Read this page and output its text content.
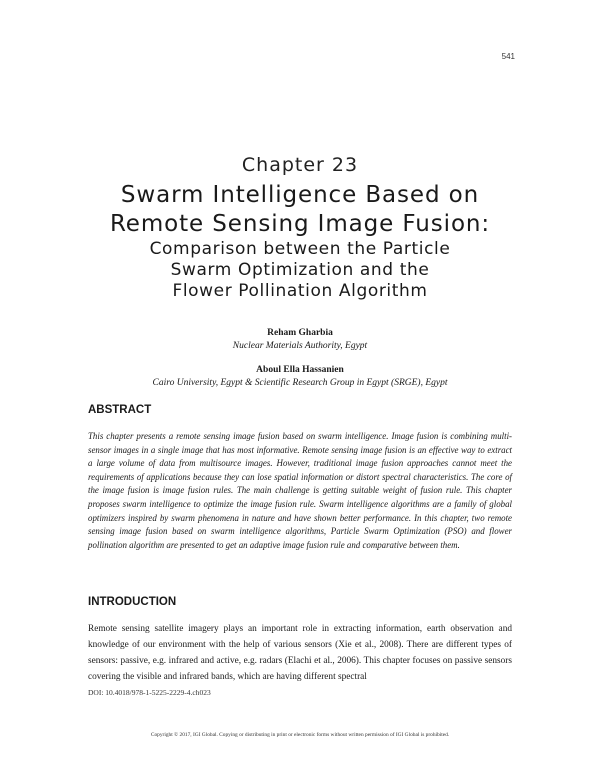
541
Chapter 23
Swarm Intelligence Based on
Remote Sensing Image Fusion:
Comparison between the Particle
Swarm Optimization and the
Flower Pollination Algorithm
Reham Gharbia
Nuclear Materials Authority, Egypt
Aboul Ella Hassanien
Cairo University, Egypt & Scientific Research Group in Egypt (SRGE), Egypt
ABSTRACT

This chapter presents a remote sensing image fusion based on swarm intelligence. Image fusion is combining multi-sensor images in a single image that has most informative. Remote sensing image fusion is an effective way to extract a large volume of data from multisource images. However, traditional image fusion approaches cannot meet the requirements of applications because they can lose spatial information or distort spectral characteristics. The core of the image fusion is image fusion rules. The main challenge is getting suitable weight of fusion rule. This chapter proposes swarm intelligence to optimize the image fusion rule. Swarm intelligence algorithms are a family of global optimizers inspired by swarm phenomena in nature and have shown better performance. In this chapter, two remote sensing image fusion based on swarm intelligence algorithms, Particle Swarm Optimization (PSO) and flower pollination algorithm are presented to get an adaptive image fusion rule and comparative between them.

INTRODUCTION

Remote sensing satellite imagery plays an important role in extracting information, earth observation and knowledge of our environment with the help of various sensors (Xie et al., 2008). There are different types of sensors: passive, e.g. infrared and active, e.g. radars (Elachi et al., 2006). This chapter focuses on passive sensors covering the visible and infrared bands, which are having different spectral

DOI: 10.4018/978-1-5225-2229-4.ch023
Copyright © 2017, IGI Global. Copying or distributing in print or electronic forms without written permission of IGI Global is prohibited.
